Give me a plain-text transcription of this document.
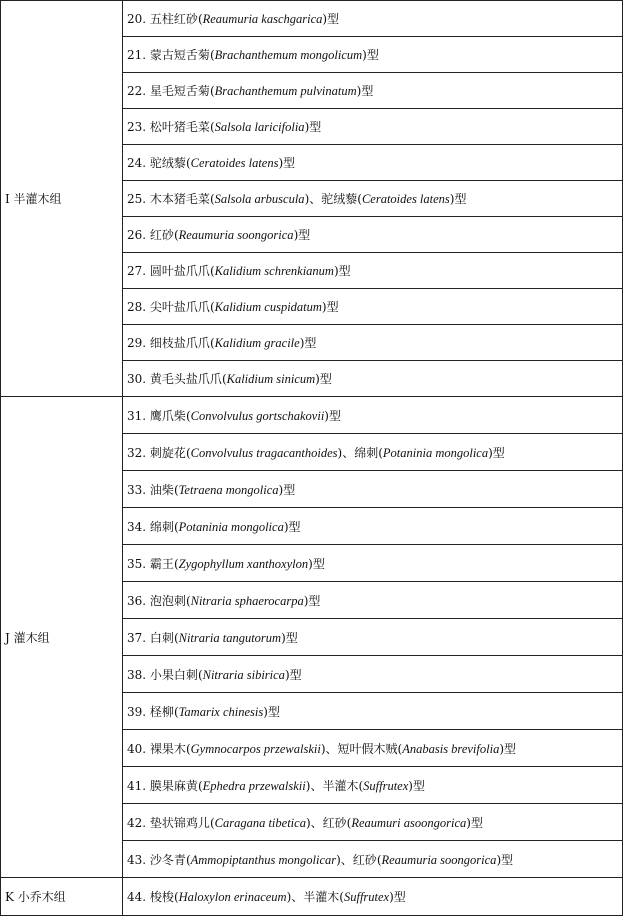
I 半灌木组	20. 五柱红砂(Reaumuria kaschgarica)型
	21. 蒙古短舌菊(Brachanthemum mongolicum)型
	22. 星毛短舌菊(Brachanthemum pulvinatum)型
	23. 松叶猪毛菜(Salsola laricifolia)型
	24. 驼绒藜(Ceratoides latens)型
	25. 木本猪毛菜(Salsola arbuscula)、驼绒藜(Ceratoides latens)型
	26. 红砂(Reaumuria soongorica)型
	27. 圆叶盐爪爪(Kalidium schrenkianum)型
	28. 尖叶盐爪爪(Kalidium cuspidatum)型
	29. 细枝盐爪爪(Kalidium gracile)型
	30. 黄毛头盐爪爪(Kalidium sinicum)型
J 灌木组	31. 鹰爪柴(Convolvulus gortschakovii)型
	32. 刺旋花(Convolvulus tragacanthoides)、绵刺(Potaninia mongolica)型
	33. 油柴(Tetraena mongolica)型
	34. 绵刺(Potaninia mongolica)型
	35. 霸王(Zygophyllum xanthoxylon)型
	36. 泡泡刺(Nitraria sphaerocarpa)型
	37. 白刺(Nitraria tangutorum)型
	38. 小果白刺(Nitraria sibirica)型
	39. 柽柳(Tamarix chinesis)型
	40. 裸果木(Gymnocarpos przewalskii)、短叶假木贼(Anabasis brevifolia)型
	41. 膜果麻黄(Ephedra przewalskii)、半灌木(Suffrutex)型
	42. 垫状锦鸡儿(Caragana tibetica)、红砂(Reaumuri asoongorica)型
	43. 沙冬青(Ammopiptanthus mongolicar)、红砂(Reaumuria soongorica)型
K 小乔木组	44. 梭梭(Haloxylon erinaceum)、半灌木(Suffrutex)型
